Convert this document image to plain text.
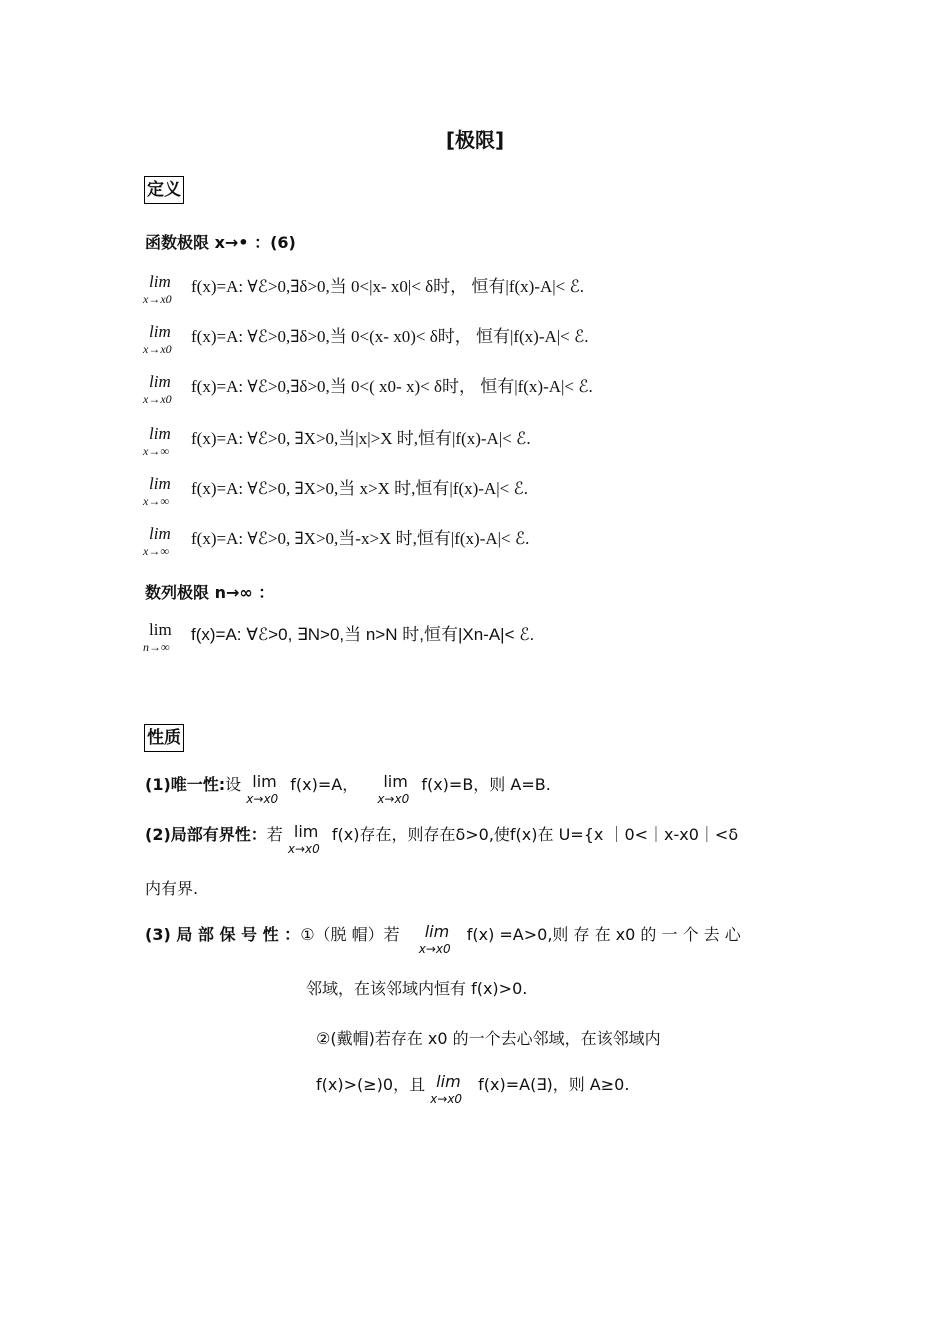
[极限]
定义
函数极限 x→• ：(6)
lim
x→x0
f(x)=A: ∀ℰ>0,∃δ>0,当 0<|x- x0|< δ时， 恒有|f(x)-A|< ℰ.
lim
x→x0
f(x)=A: ∀ℰ>0,∃δ>0,当 0<(x- x0)< δ时， 恒有|f(x)-A|< ℰ.
lim
x→x0
f(x)=A: ∀ℰ>0,∃δ>0,当 0<( x0- x)< δ时， 恒有|f(x)-A|< ℰ.
lim
x→∞
f(x)=A: ∀ℰ>0, ∃X>0,当|x|>X 时,恒有|f(x)-A|< ℰ.
lim
x→∞
f(x)=A: ∀ℰ>0, ∃X>0,当 x>X 时,恒有|f(x)-A|< ℰ.
lim
x→∞
f(x)=A: ∀ℰ>0, ∃X>0,当-x>X 时,恒有|f(x)-A|< ℰ.
数列极限 n→∞ ：
lim
n→∞
f(x)=A: ∀ℰ>0, ∃N>0,当 n>N 时,恒有|Xn-A|< ℰ.
性质
(1)唯一性:设 lim
x→x0
f(x)=A， lim
x→x0
f(x)=B，则 A=B.
(2)局部有界性：若 lim
x→x0
f(x)存在，则存在δ>0,使f(x)在 U={x ｜0<｜x-x0｜<δ
内有界.
(3) 局 部 保 号 性 ：①（脱 帽）若 lim
x→x0
f(x) =A>0,则 存 在 x0 的 一 个 去 心
邻域，在该邻域内恒有 f(x)>0.
②(戴帽)若存在 x0 的一个去心邻域，在该邻域内
f(x)>(≥)0，且 lim
x→x0
f(x)=A(∃)，则 A≥0.
